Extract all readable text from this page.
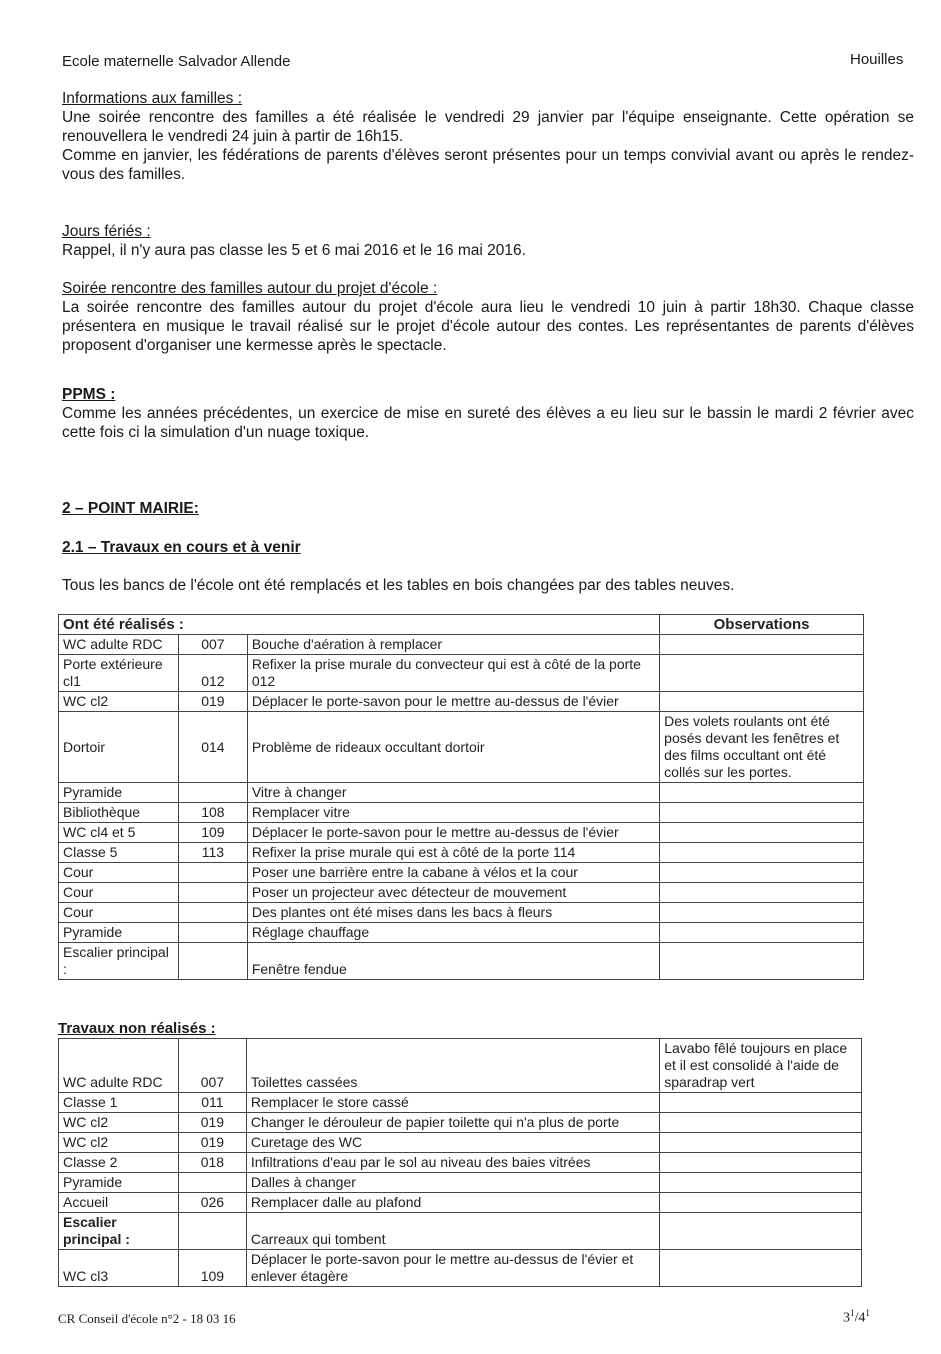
Ecole maternelle Salvador Allende	Houilles

Informations aux familles :

Une soirée rencontre des familles a été réalisée le vendredi 29 janvier par l'équipe enseignante. Cette opération se renouvellera le vendredi 24 juin à partir de 16h15.

Comme en janvier, les fédérations de parents d'élèves seront présentes pour un temps convivial avant ou après le rendez-vous des familles.

Jours fériés :

Rappel, il n'y aura pas classe les 5 et 6 mai 2016 et le 16 mai 2016.

Soirée rencontre des familles autour du projet d'école :

La soirée rencontre des familles autour du projet d'école aura lieu le vendredi 10 juin à partir 18h30. Chaque classe présentera en musique le travail réalisé sur le projet d'école autour des contes. Les représentantes de parents d'élèves proposent d'organiser une kermesse après le spectacle.

PPMS :

Comme les années précédentes, un exercice de mise en sureté des élèves a eu lieu sur le bassin le mardi 2 février avec cette fois ci la simulation d'un nuage toxique.

2 – POINT MAIRIE:
2.1 – Travaux en cours et à venir
Tous les bancs de l'école ont été remplacés et les tables en bois changées par des tables neuves.
Ont été réalisés :			Observations
WC adulte RDC	007	Bouche d'aération à remplacer	
Porte extérieure cl1	012	Refixer la prise murale du convecteur qui est à côté de la porte 012	
WC cl2	019	Déplacer le porte-savon pour le mettre au-dessus de l'évier	
Dortoir	014	Problème de rideaux occultant dortoir	Des volets roulants ont été posés devant les fenêtres et des films occultant ont été collés sur les portes.
Pyramide		Vitre à changer	
Bibliothèque	108	Remplacer vitre	
WC cl4 et 5	109	Déplacer le porte-savon pour le mettre au-dessus de l'évier	
Classe 5	113	Refixer la prise murale qui est à côté de la porte 114	
Cour		Poser une barrière entre la cabane à vélos et la cour	
Cour		Poser un projecteur avec détecteur de mouvement	
Cour		Des plantes ont été mises dans les bacs à fleurs	
Pyramide		Réglage chauffage	
Escalier principal :		Fenêtre fendue	
Travaux non réalisés :
WC adulte RDC	007	Toilettes cassées	Lavabo fêlé toujours en place et il est consolidé à l'aide de sparadrap vert
Classe 1	011	Remplacer le store cassé	
WC cl2	019	Changer le dérouleur de papier toilette qui n'a plus de porte	
WC cl2	019	Curetage des WC	
Classe 2	018	Infiltrations d'eau par le sol au niveau des baies vitrées	
Pyramide		Dalles à changer	
Accueil	026	Remplacer dalle au plafond	
Escalier principal :		Carreaux qui tombent	
WC cl3	109	Déplacer le porte-savon pour le mettre au-dessus de l'évier et enlever étagère	
CR Conseil d'école n°2 - 18 03 16	$3^1/4^1$
